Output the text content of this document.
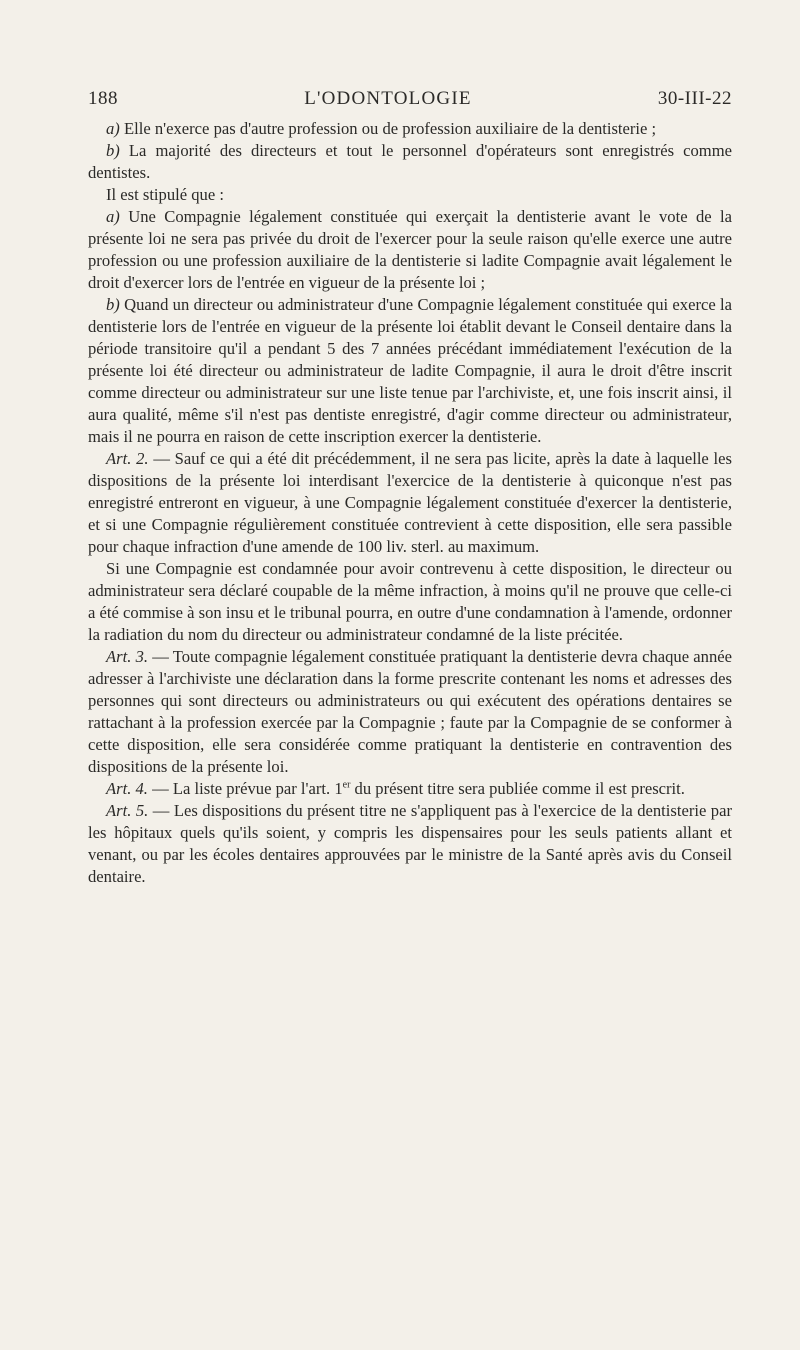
188	L'ODONTOLOGIE	30-III-22

a) Elle n'exerce pas d'autre profession ou de profession auxiliaire de la dentisterie ;

b) La majorité des directeurs et tout le personnel d'opérateurs sont enregistrés comme dentistes.

Il est stipulé que :

a) Une Compagnie légalement constituée qui exerçait la dentisterie avant le vote de la présente loi ne sera pas privée du droit de l'exercer pour la seule raison qu'elle exerce une autre profession ou une profession auxiliaire de la dentisterie si ladite Compagnie avait légalement le droit d'exercer lors de l'entrée en vigueur de la présente loi ;

b) Quand un directeur ou administrateur d'une Compagnie légalement constituée qui exerce la dentisterie lors de l'entrée en vigueur de la présente loi établit devant le Conseil dentaire dans la période transitoire qu'il a pendant 5 des 7 années précédant immédiatement l'exécution de la présente loi été directeur ou administrateur de ladite Compagnie, il aura le droit d'être inscrit comme directeur ou administrateur sur une liste tenue par l'archiviste, et, une fois inscrit ainsi, il aura qualité, même s'il n'est pas dentiste enregistré, d'agir comme directeur ou administrateur, mais il ne pourra en raison de cette inscription exercer la dentisterie.

Art. 2. — Sauf ce qui a été dit précédemment, il ne sera pas licite, après la date à laquelle les dispositions de la présente loi interdisant l'exercice de la dentisterie à quiconque n'est pas enregistré entreront en vigueur, à une Compagnie légalement constituée d'exercer la dentisterie, et si une Compagnie régulièrement constituée contrevient à cette disposition, elle sera passible pour chaque infraction d'une amende de 100 liv. sterl. au maximum.

Si une Compagnie est condamnée pour avoir contrevenu à cette disposition, le directeur ou administrateur sera déclaré coupable de la même infraction, à moins qu'il ne prouve que celle-ci a été commise à son insu et le tribunal pourra, en outre d'une condamnation à l'amende, ordonner la radiation du nom du directeur ou administrateur condamné de la liste précitée.

Art. 3. — Toute compagnie légalement constituée pratiquant la dentisterie devra chaque année adresser à l'archiviste une déclaration dans la forme prescrite contenant les noms et adresses des personnes qui sont directeurs ou administrateurs ou qui exécutent des opérations dentaires se rattachant à la profession exercée par la Compagnie ; faute par la Compagnie de se conformer à cette disposition, elle sera considérée comme pratiquant la dentisterie en contravention des dispositions de la présente loi.

Art. 4. — La liste prévue par l'art. 1er du présent titre sera publiée comme il est prescrit.

Art. 5. — Les dispositions du présent titre ne s'appliquent pas à l'exercice de la dentisterie par les hôpitaux quels qu'ils soient, y compris les dispensaires pour les seuls patients allant et venant, ou par les écoles dentaires approuvées par le ministre de la Santé après avis du Conseil dentaire.
